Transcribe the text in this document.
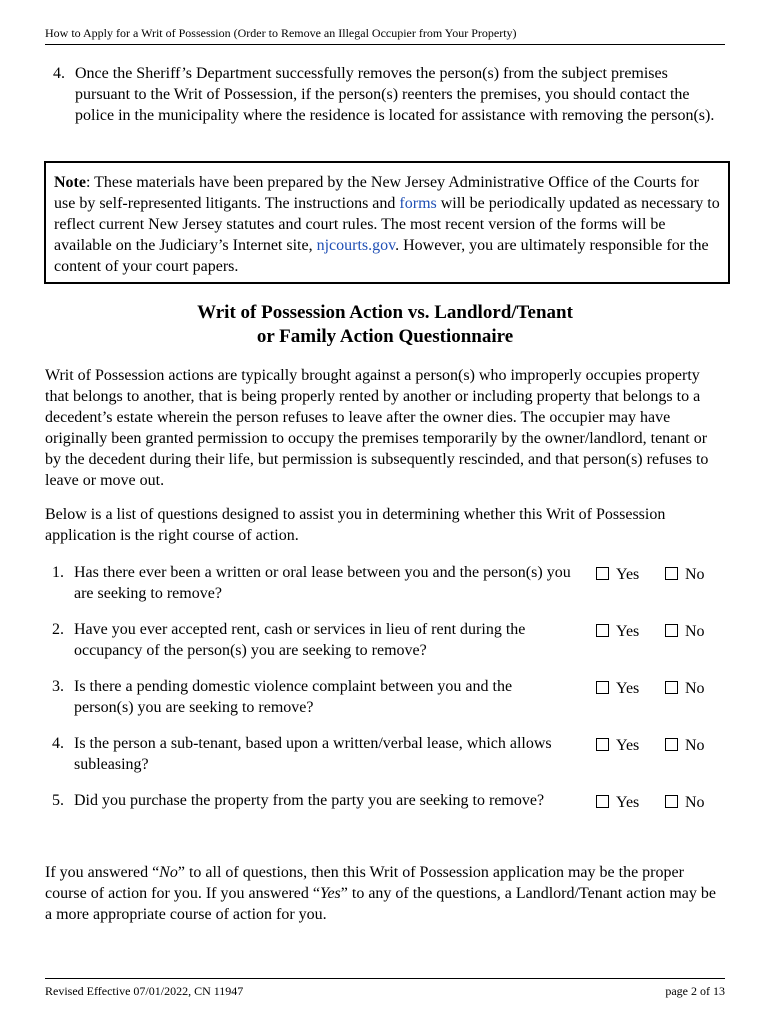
How to Apply for a Writ of Possession (Order to Remove an Illegal Occupier from Your Property)
4. Once the Sheriff’s Department successfully removes the person(s) from the subject premises pursuant to the Writ of Possession, if the person(s) reenters the premises, you should contact the police in the municipality where the residence is located for assistance with removing the person(s).
Note: These materials have been prepared by the New Jersey Administrative Office of the Courts for use by self-represented litigants. The instructions and forms will be periodically updated as necessary to reflect current New Jersey statutes and court rules. The most recent version of the forms will be available on the Judiciary’s Internet site, njcourts.gov. However, you are ultimately responsible for the content of your court papers.
Writ of Possession Action vs. Landlord/Tenant
or Family Action Questionnaire
Writ of Possession actions are typically brought against a person(s) who improperly occupies property that belongs to another, that is being properly rented by another or including property that belongs to a decedent’s estate wherein the person refuses to leave after the owner dies. The occupier may have originally been granted permission to occupy the premises temporarily by the owner/landlord, tenant or by the decedent during their life, but permission is subsequently rescinded, and that person(s) refuses to leave or move out.
Below is a list of questions designed to assist you in determining whether this Writ of Possession application is the right course of action.
1. Has there ever been a written or oral lease between you and the person(s) you are seeking to remove?
Yes	No
2. Have you ever accepted rent, cash or services in lieu of rent during the occupancy of the person(s) you are seeking to remove?
Yes	No
3. Is there a pending domestic violence complaint between you and the person(s) you are seeking to remove?
Yes	No
4. Is the person a sub-tenant, based upon a written/verbal lease, which allows subleasing?
Yes	No
5. Did you purchase the property from the party you are seeking to remove?	Yes	No
If you answered “No” to all of questions, then this Writ of Possession application may be the proper course of action for you. If you answered “Yes” to any of the questions, a Landlord/Tenant action may be a more appropriate course of action for you.
Revised Effective 07/01/2022, CN 11947	page 2 of 13
